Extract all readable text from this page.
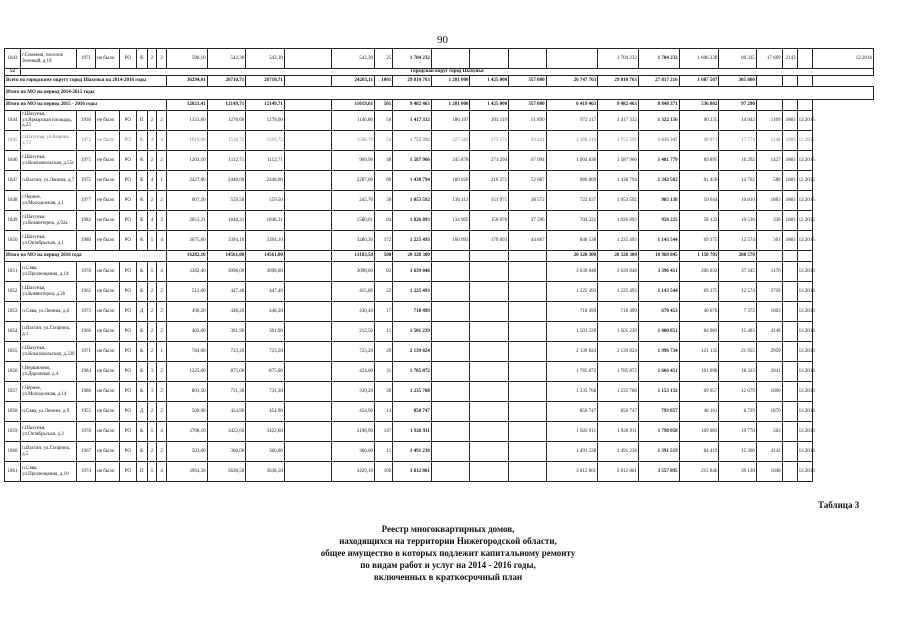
90
1843	г.Семенов, поселок Зеленый, д.10	1971	не было	РО	К	2	2	590,10	542,30	542,30		542,30	25	1 704 232					1 704 232	1 704 232	1 606 228	80 335	17 669	2143		12.2016
52	Городской округ город Шахунья																									
Всего по городскому округу город Шахунья на 2014-2016 годы								36294,01	26710,71	26710,71		24203,11	1001	29 810 763	1 281 000	1 425 000	357 000	26 747 763	29 810 763	27 817 216	1 687 507	305 860				
Итого по МО на период 2014-2015 годы																										
Итого по МО на период 2015 - 2016 годы								12021,41	12149,71	12149,71		11019,61	501	9 482 463	1 281 000	1 425 000	357 000	6 419 463	9 482 463	8 848 371	536 802	97 290				
1844	г.Шахунья, ул.Ярмарская площадь, д.23	1930	не было	РО	П	2	2	1331,60	1278,60	1278,60		1146,80	50	1 417 332	186 197	203 119	51 890	972 117	1 417 332	1 322 156	80 235	14 942	1109	1883	12.2015	
1845	г.Шахунья, ул.Кирова, д.72	1972	не было	РО	К	4	4	1619,60	1516,72	1516,72		1508,70	54	1 752 392	227 583	273 171	63 421	1 188 210	1 752 392	1 616 347	98 071	17 774	1148	1883	12.2015	
1846	г.Шахунья, ул.Комсомольская, д.55г	1975	не было	РО	К	2	2	1203,10	1112,71	1112,71		969,90	48	1 587 966	245 878	271 294	67 994	1 004 830	1 587 966	1 481 779	89 895	16 292	1427	1883	12.2015	
1847	п.Вахтан, ул.Ленина, д.7	1975	не было	РО	К	4	1	2427,00	2448,00	2448,00		2287,60	80	1 438 794	189 026	210 272	52 687	986 809	1 438 794	1 342 582	81 450	14 762	588	1883	12.2015	
1848	г.Чернее, ул.Молодежная, д.1	1977	не было	РО	К	2	2	607,20	559,50	559,50		245,70	30	1 053 592	138 412	151 971	38 572	722 637	1 053 592	983 138	59 644	10 810	1883	1883	12.2015	
1849	г.Шахунья, ул.Коминтерна, д.92а	1982	не было	РО	К	4	3	2053,31	1848,31	1848,31		1580,61	84	1 026 893	134 905	150 070	37 596	704 322	1 026 893	958 225	58 132	10 536	336	1883	12.2015	
1850	г.Шахунья, ул.Октябрьская, д.1	1980	не было	РО	К	5	4	3675,60	3394,10	3394,10		3280,30	172	1 225 493	160 993	179 093	44 867	840 538	1 225 493	1 143 544	69 375	12 574	361	1883	12.2015	
Итого по МО на период 2016 года								16282,10	14561,00	14561,00		13183,50	500	20 328 300				20 328 300	20 328 300	18 968 845	1 150 705	208 570				
1851	п.Сява, ул.Просвещения, д.14	1978	не было	РО	К	5	4	3382,40	3098,00	3098,00		3098,00	82	3 639 848				3 639 848	3 639 848	3 396 451	206 032	37 345	1176		12.2016	
1852	г.Шахунья, ул.Коминтерна, д.26	1962	не было	РО	К	2	2	512,00	447,40	447,40		415,80	22	1 225 493				1 225 493	1 225 493	1 143 544	69 375	12 574	2739		12.2016	
1853	п.Сява, ул.Ленина, д.6	1973	не было	РО	Д	2	2	496,20	448,20	448,20		430,40	17	718 499				718 499	718 499	670 453	40 676	7 372	1603		12.2016	
1854	п.Вахтан, ул.Гагарина, д.1	1966	не было	РО	К	2	2	402,00	361,90	361,90		212,50	11	1 501 239				1 501 239	1 501 239	1 400 851	84 983	15 403	4148		12.2016	
1855	г.Шахунья, ул.Комсомольская, д.33б	1971	не было	РО	К	2	1	784,00	723,20	723,20		723,20	29	2 139 824				2 139 824	2 139 824	1 996 734	121 135	21 955	2959		12.2016	
1856	г.Вершилово, ул.Дорожная, д.4	1984	не было	РО	К	3	2	1225,00	875,00	875,00		424,00	31	1 785 872				1 785 872	1 785 872	1 666 451	101 098	18 323	2041		12.2016	
1857	г.Чернее, ул.Молодежная, д.14	1986	не было	РО	К	3	2	803,50	731,30	731,30		339,20	39	1 235 768				1 235 768	1 235 768	1 153 132	69 957	12 679	1690		12.2016	
1858	п.Сява, ул.Ленина, д.9	1955	не было	РО	Д	2	2	500,90	454,90	454,90		454,90	14	850 747				850 747	850 747	793 857	48 161	8 729	1870		12.2016	
1859	г.Шахунья, ул.Октябрьская, д.3	1978	не было	РО	К	5	4	3708,10	3422,60	3422,60		3198,90	147	1 926 911				1 926 911	1 926 911	1 798 058	109 083	19 770	563		12.2016	
1860	п.Вахтан, ул.Гагарина, д.5	1967	не было	РО	К	2	2	503,00	360,00	360,00		360,00	11	1 491 238				1 491 238	1 491 238	1 391 519	84 419	15 300	4142		12.2016	
1861	п.Сява, ул.Просвещения, д.10	1974	не было	РО	П	5	4	3964,30	3638,50	3638,50		3429,10	106	3 812 861				3 812 861	3 812 861	3 557 895	215 846	39 120	1048		12.2016	
Таблица 3
Реестр многоквартирных домов,
находящихся на территории Нижегородской области,
общее имущество в которых подлежит капитальному ремонту
по видам работ и услуг на 2014 - 2016 годы,
включенных в краткосрочный план
